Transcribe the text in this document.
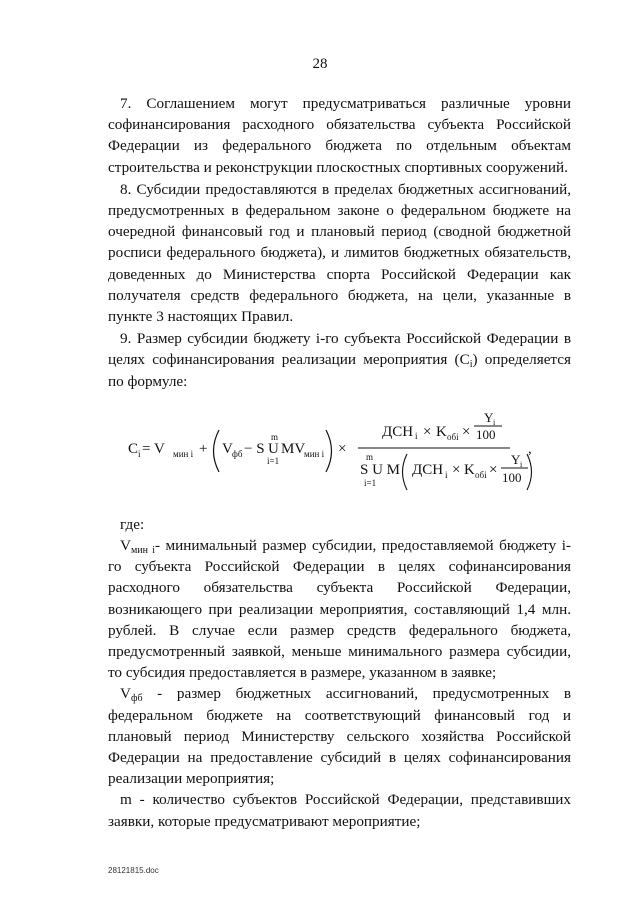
28

7. Соглашением могут предусматриваться различные уровни софинансирования расходного обязательства субъекта Российской Федерации из федерального бюджета по отдельным объектам строительства и реконструкции плоскостных спортивных сооружений.

8. Субсидии предоставляются в пределах бюджетных ассигнований, предусмотренных в федеральном законе о федеральном бюджете на очередной финансовый год и плановый период (сводной бюджетной росписи федерального бюджета), и лимитов бюджетных обязательств, доведенных до Министерства спорта Российской Федерации как получателя средств федерального бюджета, на цели, указанные в пункте 3 настоящих Правил.

9. Размер субсидии бюджету i-го субъекта Российской Федерации в целях софинансирования реализации мероприятия $(C_i)$ определяется по формуле:

C i = V мин i + V фб − S
m
U
i=1
MV
мин i ×
ДСН i × K обі ×
Y i
100
m
S U M
i=1
ДСН i × K обі ×
Y i
100
,

где:

$V_{мин i}-$ минимальный размер субсидии, предоставляемой бюджету i-го субъекта Российской Федерации в целях софинансирования расходного обязательства субъекта Российской Федерации, возникающего при реализации мероприятия, составляющий 1,4 млн. рублей. В случае если размер средств федерального бюджета, предусмотренный заявкой, меньше минимального размера субсидии, то субсидия предоставляется в размере, указанном в заявке;

$V_{фб}$ - размер бюджетных ассигнований, предусмотренных в федеральном бюджете на соответствующий финансовый год и плановый период Министерству сельского хозяйства Российской Федерации на предоставление субсидий в целях софинансирования реализации мероприятия;

m - количество субъектов Российской Федерации, представивших заявки, которые предусматривают мероприятие;

28121815.doc
